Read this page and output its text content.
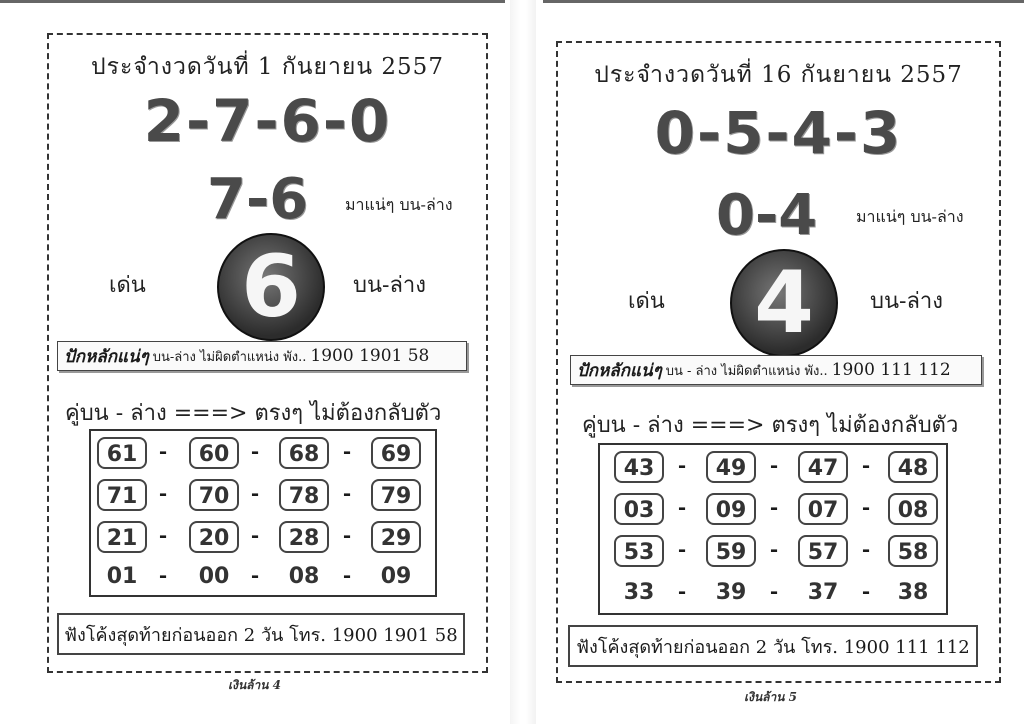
ประจำงวดวันที่ 1 กันยายน 2557
2-7-6-0
7-6 มาแน่ๆ บน-ล่าง
เด่น 6 บน-ล่าง
ปักหลักแน่ๆ บน-ล่าง ไม่ผิดตำแหน่ง พัง.. 1900 1901 58
คู่บน - ล่าง ===> ตรงๆ ไม่ต้องกลับตัว
61	-	60	-	68	-	69
71	-	70	-	78	-	79
21	-	20	-	28	-	29
01	-	00	-	08	-	09
ฟังโค้งสุดท้ายก่อนออก 2 วัน โทร. 1900 1901 58
เงินล้าน 4
ประจำงวดวันที่ 16 กันยายน 2557
0-5-4-3
0-4 มาแน่ๆ บน-ล่าง
เด่น 4	บน-ล่าง
ปักหลักแน่ๆ บน - ล่าง ไม่ผิดตำแหน่ง พัง.. 1900 111 112
คู่บน - ล่าง ===> ตรงๆ ไม่ต้องกลับตัว
43	-	49	-	47	-	48
03	-	09	-	07	-	08
53	-	59	-	57	-	58
33	-	39	-	37	-	38
ฟังโค้งสุดท้ายก่อนออก 2 วัน โทร. 1900 111 112
เงินล้าน 5
